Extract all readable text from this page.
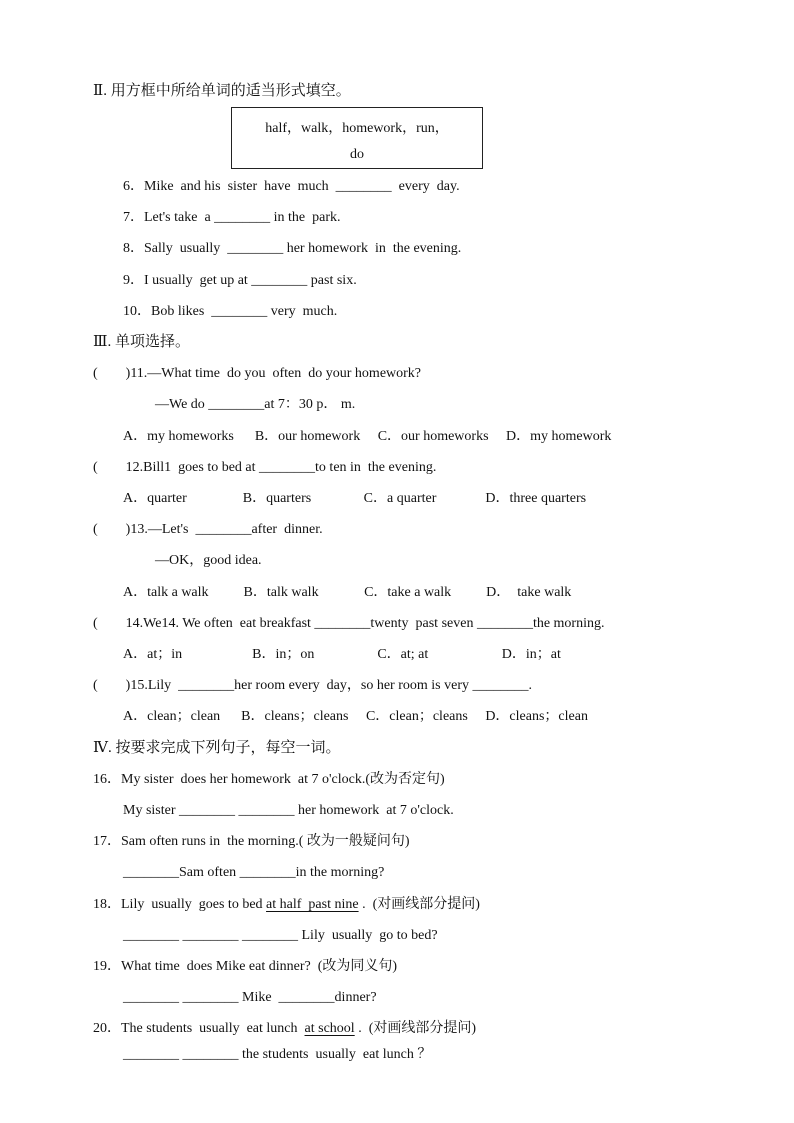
Ⅱ. 用方框中所给单词的适当形式填空。
half，walk，homework，run，
do
6．Mike  and his  sister  have  much  ________  every  day.
7．Let's take  a ________ in the  park.
8．Sally  usually  ________ her homework  in  the evening.
9．I usually  get up at ________ past six.
10．Bob likes  ________ very  much.
Ⅲ. 单项选择。
(        )11.—What time  do you  often  do your homework?
—We do ________at 7：30 p． m.
A．my homeworks      B．our homework     C．our homeworks     D．my homework
(        12.Bill1  goes to bed at ________to ten in  the evening.
A．quarter                B．quarters               C．a quarter              D．three quarters
(        )13.—Let's  ________after  dinner.
—OK，good idea.
A．talk a walk          B．talk walk             C．take a walk          D．  take walk
(        14.We14. We often  eat breakfast ________twenty  past seven ________the morning.
A．at；in                    B．in；on                  C．at; at                     D．in；at
(        )15.Lily  ________her room every  day，so her room is very ________.
A．clean；clean      B．cleans；cleans     C．clean；cleans     D．cleans；clean
Ⅳ. 按要求完成下列句子，每空一词。
16．My sister  does her homework  at 7 o'clock.(改为否定句)
My sister ________ ________ her homework  at 7 o'clock.
17．Sam often runs in  the morning.( 改为一般疑问句)
________Sam often ________in the morning?
18．Lily  usually  goes to bed at half  past nine .  (对画线部分提问)
________ ________ ________ Lily  usually  go to bed?
19．What time  does Mike eat dinner?  (改为同义句)
________ ________ Mike  ________dinner?
20．The students  usually  eat lunch  at school .  (对画线部分提问)
________ ________ the students  usually  eat lunch ？
